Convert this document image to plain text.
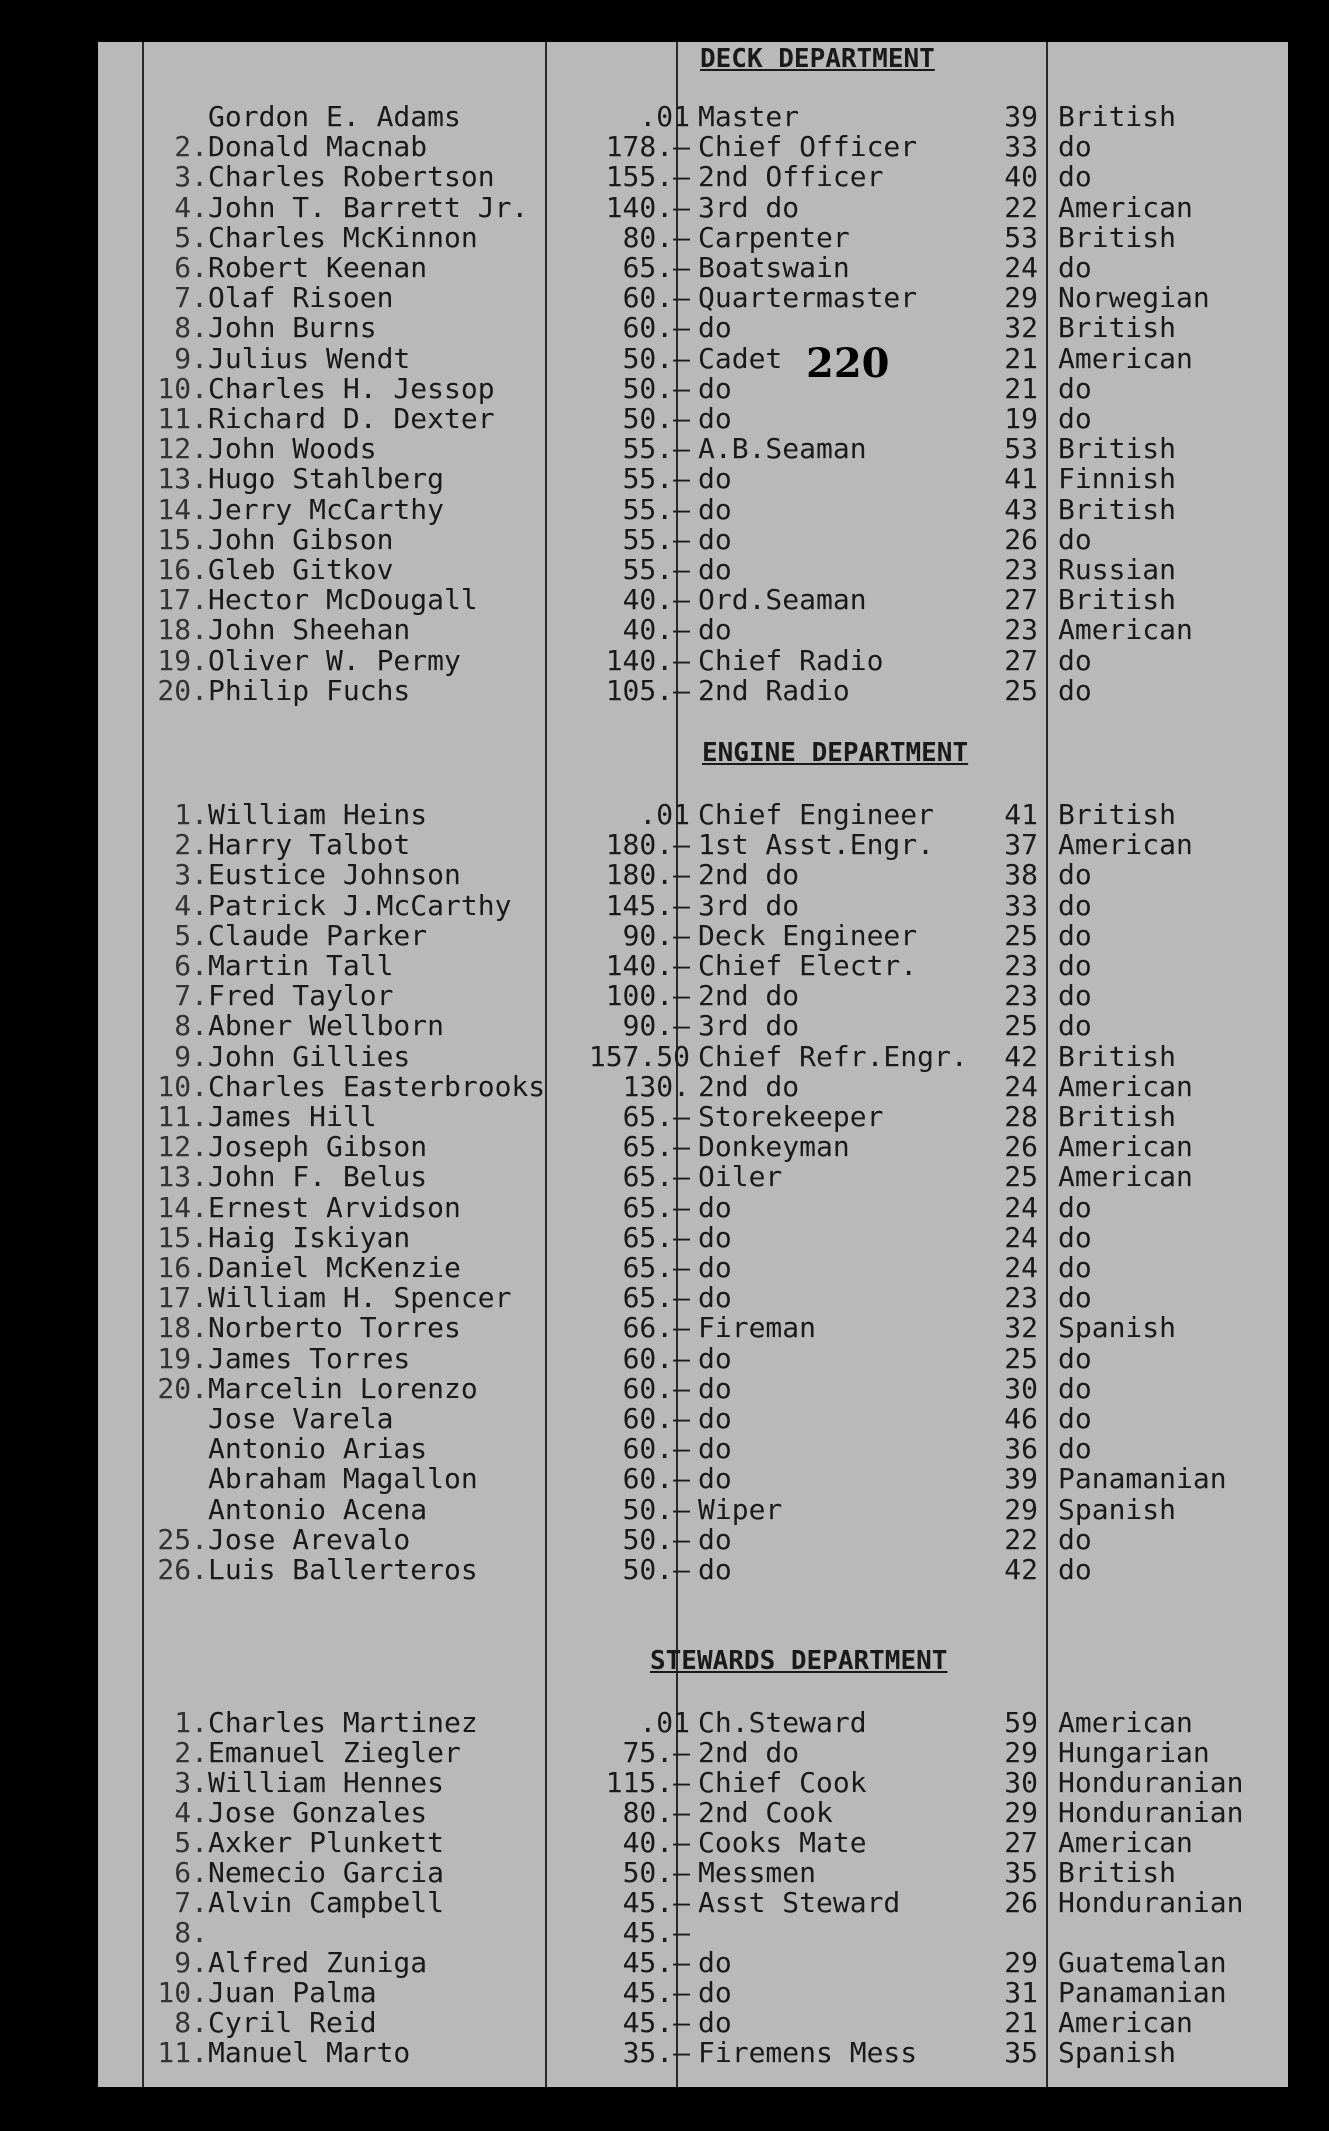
DECK DEPARTMENT
220
Gordon E. Adams	.01 Master	39 British
2. Donald Macnab	178.— Chief Officer	33 do
3. Charles Robertson	155.— 2nd Officer	40 do
4. John T. Barrett Jr.	140.— 3rd do	22 American
5. Charles McKinnon	80.— Carpenter	53 British
6. Robert Keenan	65.— Boatswain	24 do
7. Olaf Risoen	60.— Quartermaster	29 Norwegian
8. John Burns	60.— do	32 British
9. Julius Wendt	50.— Cadet	21 American
10. Charles H. Jessop	50.— do	21 do
11. Richard D. Dexter	50.— do	19 do
12. John Woods	55.— A.B.Seaman	53 British
13. Hugo Stahlberg	55.— do	41 Finnish
14. Jerry McCarthy	55.— do	43 British
15. John Gibson	55.— do	26 do
16. Gleb Gitkov	55.— do	23 Russian
17. Hector McDougall	40.— Ord.Seaman	27 British
18. John Sheehan	40.— do	23 American
19. Oliver W. Permy	140.— Chief Radio	27 do
20. Philip Fuchs	105.— 2nd Radio	25 do
ENGINE DEPARTMENT
1. William Heins	.01 Chief Engineer	41 British
2. Harry Talbot	180.— 1st Asst.Engr.	37 American
3. Eustice Johnson	180.— 2nd do	38 do
4. Patrick J.McCarthy	145.— 3rd do	33 do
5. Claude Parker	90.— Deck Engineer	25 do
6. Martin Tall	140.— Chief Electr.	23 do
7. Fred Taylor	100.— 2nd do	23 do
8. Abner Wellborn	90.— 3rd do	25 do
9. John Gillies	157.50 Chief Refr.Engr.	42 British
10. Charles Easterbrooks	130. 2nd do	24 American
11. James Hill	65.— Storekeeper	28 British
12. Joseph Gibson	65.— Donkeyman	26 American
13. John F. Belus	65.— Oiler	25 American
14. Ernest Arvidson	65.— do	24 do
15. Haig Iskiyan	65.— do	24 do
16. Daniel McKenzie	65.— do	24 do
17. William H. Spencer	65.— do	23 do
18. Norberto Torres	66.— Fireman	32 Spanish
19. James Torres	60.— do	25 do
20. Marcelin Lorenzo	60.— do	30 do
Jose Varela	60.— do	46 do
Antonio Arias	60.— do	36 do
Abraham Magallon	60.— do	39 Panamanian
Antonio Acena	50.— Wiper	29 Spanish
25. Jose Arevalo	50.— do	22 do
26. Luis Ballerteros	50.— do	42 do
STEWARDS DEPARTMENT
1. Charles Martinez	.01 Ch.Steward	59 American
2. Emanuel Ziegler	75.— 2nd do	29 Hungarian
3. William Hennes	115.— Chief Cook	30 Honduranian
4. Jose Gonzales	80.— 2nd Cook	29 Honduranian
5. Axker Plunkett	40.— Cooks Mate	27 American
6. Nemecio Garcia	50.— Messmen	35 British
7. Alvin Campbell	45.— Asst Steward	26 Honduranian
8.	45.—
9. Alfred Zuniga	45.— do	29 Guatemalan
10. Juan Palma	45.— do	31 Panamanian
8. Cyril Reid	45.— do	21 American
11. Manuel Marto	35.— Firemens Mess	35 Spanish
